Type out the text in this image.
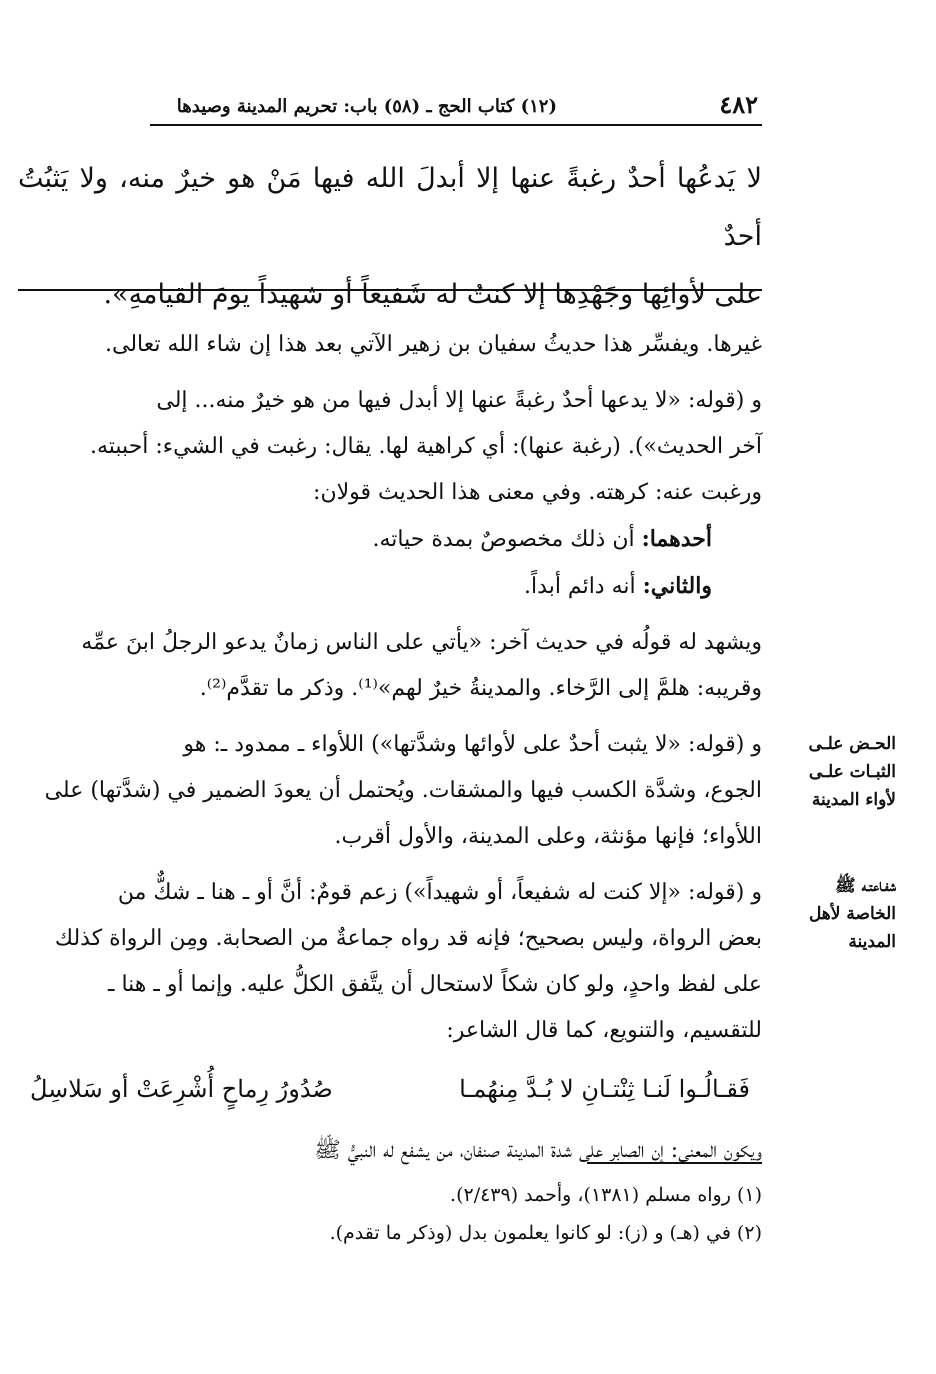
٤٨٢
(١٢) كتاب الحج ـ (٥٨) باب: تحريم المدينة وصيدها
لا يَدعُها أحدٌ رغبةً عنها إلا أبدلَ الله فيها مَنْ هو خيرٌ منه، ولا يَثبُتُ أحدٌ
على لأوائِها وجَهْدِها إلا كنتُ له شَفيعاً أو شهيداً يومَ القيامةِ».
غيرها. ويفسِّر هذا حديثُ سفيان بن زهير الآتي بعد هذا إن شاء الله تعالى.
و (قوله: «لا يدعها أحدٌ رغبةً عنها إلا أبدل فيها من هو خيرٌ منه... إلى
آخر الحديث»). (رغبة عنها): أي كراهية لها. يقال: رغبت في الشيء: أحببته.
ورغبت عنه: كرهته. وفي معنى هذا الحديث قولان:
أحدهما: أن ذلك مخصوصٌ بمدة حياته.
والثاني: أنه دائم أبداً.
ويشهد له قولُه في حديث آخر: «يأتي على الناس زمانٌ يدعو الرجلُ ابنَ عمِّه
وقريبه: هلمَّ إلى الرَّخاء. والمدينةُ خيرٌ لهم»⁽¹⁾. وذكر ما تقدَّم⁽²⁾.
و (قوله: «لا يثبت أحدٌ على لأوائها وشدَّتها») اللأواء ـ ممدود ـ: هو
الجوع، وشدَّة الكسب فيها والمشقات. ويُحتمل أن يعودَ الضمير في (شدَّتها) على
اللأواء؛ فإنها مؤنثة، وعلى المدينة، والأول أقرب.
و (قوله: «إلا كنت له شفيعاً، أو شهيداً») زعم قومٌ: أنَّ أو ـ هنا ـ شكٌّ من
بعض الرواة، وليس بصحيح؛ فإنه قد رواه جماعةٌ من الصحابة. ومِن الرواة كذلك
على لفظ واحدٍ، ولو كان شكاً لاستحال أن يتَّفق الكلُّ عليه. وإنما أو ـ هنا ـ
للتقسيم، والتنويع، كما قال الشاعر:
فَقـالُـوا لَنـا ثِنْتـانِ لا بُـدَّ مِنهُمـا
صُدُورُ رِماحٍ أُشْرِعَتْ أو سَلاسِلُ
ويكون المعنى: إن الصابر على شدة المدينة صنفان، من يشفع له النبيُّ ﷺ
الحـض علـى
الثبـات علـى
لأواء المدينة
شفـاعتـه ﷺ
الخاصة لأهل
المدينة

(١) رواه مسلم (١٣٨١)، وأحمد (٢/٤٣٩).

(٢) في (هـ) و (ز): لو كانوا يعلمون بدل (وذكر ما تقدم).
